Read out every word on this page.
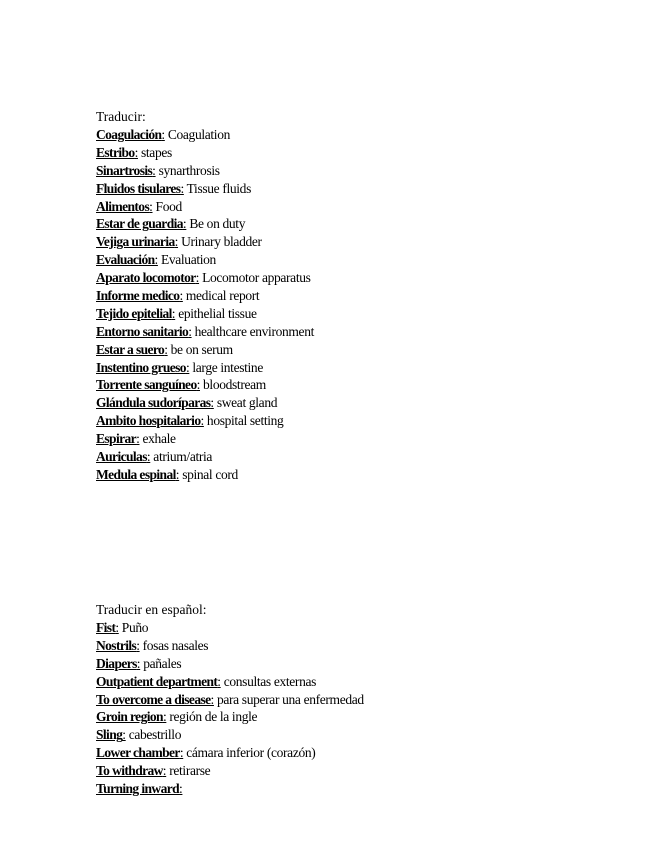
Traducir:
Coagulación: Coagulation
Estribo: stapes
Sinartrosis: synarthrosis
Fluidos tisulares: Tissue fluids
Alimentos: Food
Estar de guardia: Be on duty
Vejiga urinaria: Urinary bladder
Evaluación: Evaluation
Aparato locomotor: Locomotor apparatus
Informe medico: medical report
Tejido epitelial: epithelial tissue
Entorno sanitario: healthcare environment
Estar a suero: be on serum
Instentino grueso: large intestine
Torrente sanguíneo: bloodstream
Glándula sudoríparas: sweat gland
Ambito hospitalario: hospital setting
Espirar: exhale
Auriculas: atrium/atria
Medula espinal: spinal cord
Traducir en español:
Fist: Puño
Nostrils: fosas nasales
Diapers: pañales
Outpatient department: consultas externas
To overcome a disease: para superar una enfermedad
Groin region: región de la ingle
Sling: cabestrillo
Lower chamber: cámara inferior (corazón)
To withdraw: retirarse
Turning inward:
